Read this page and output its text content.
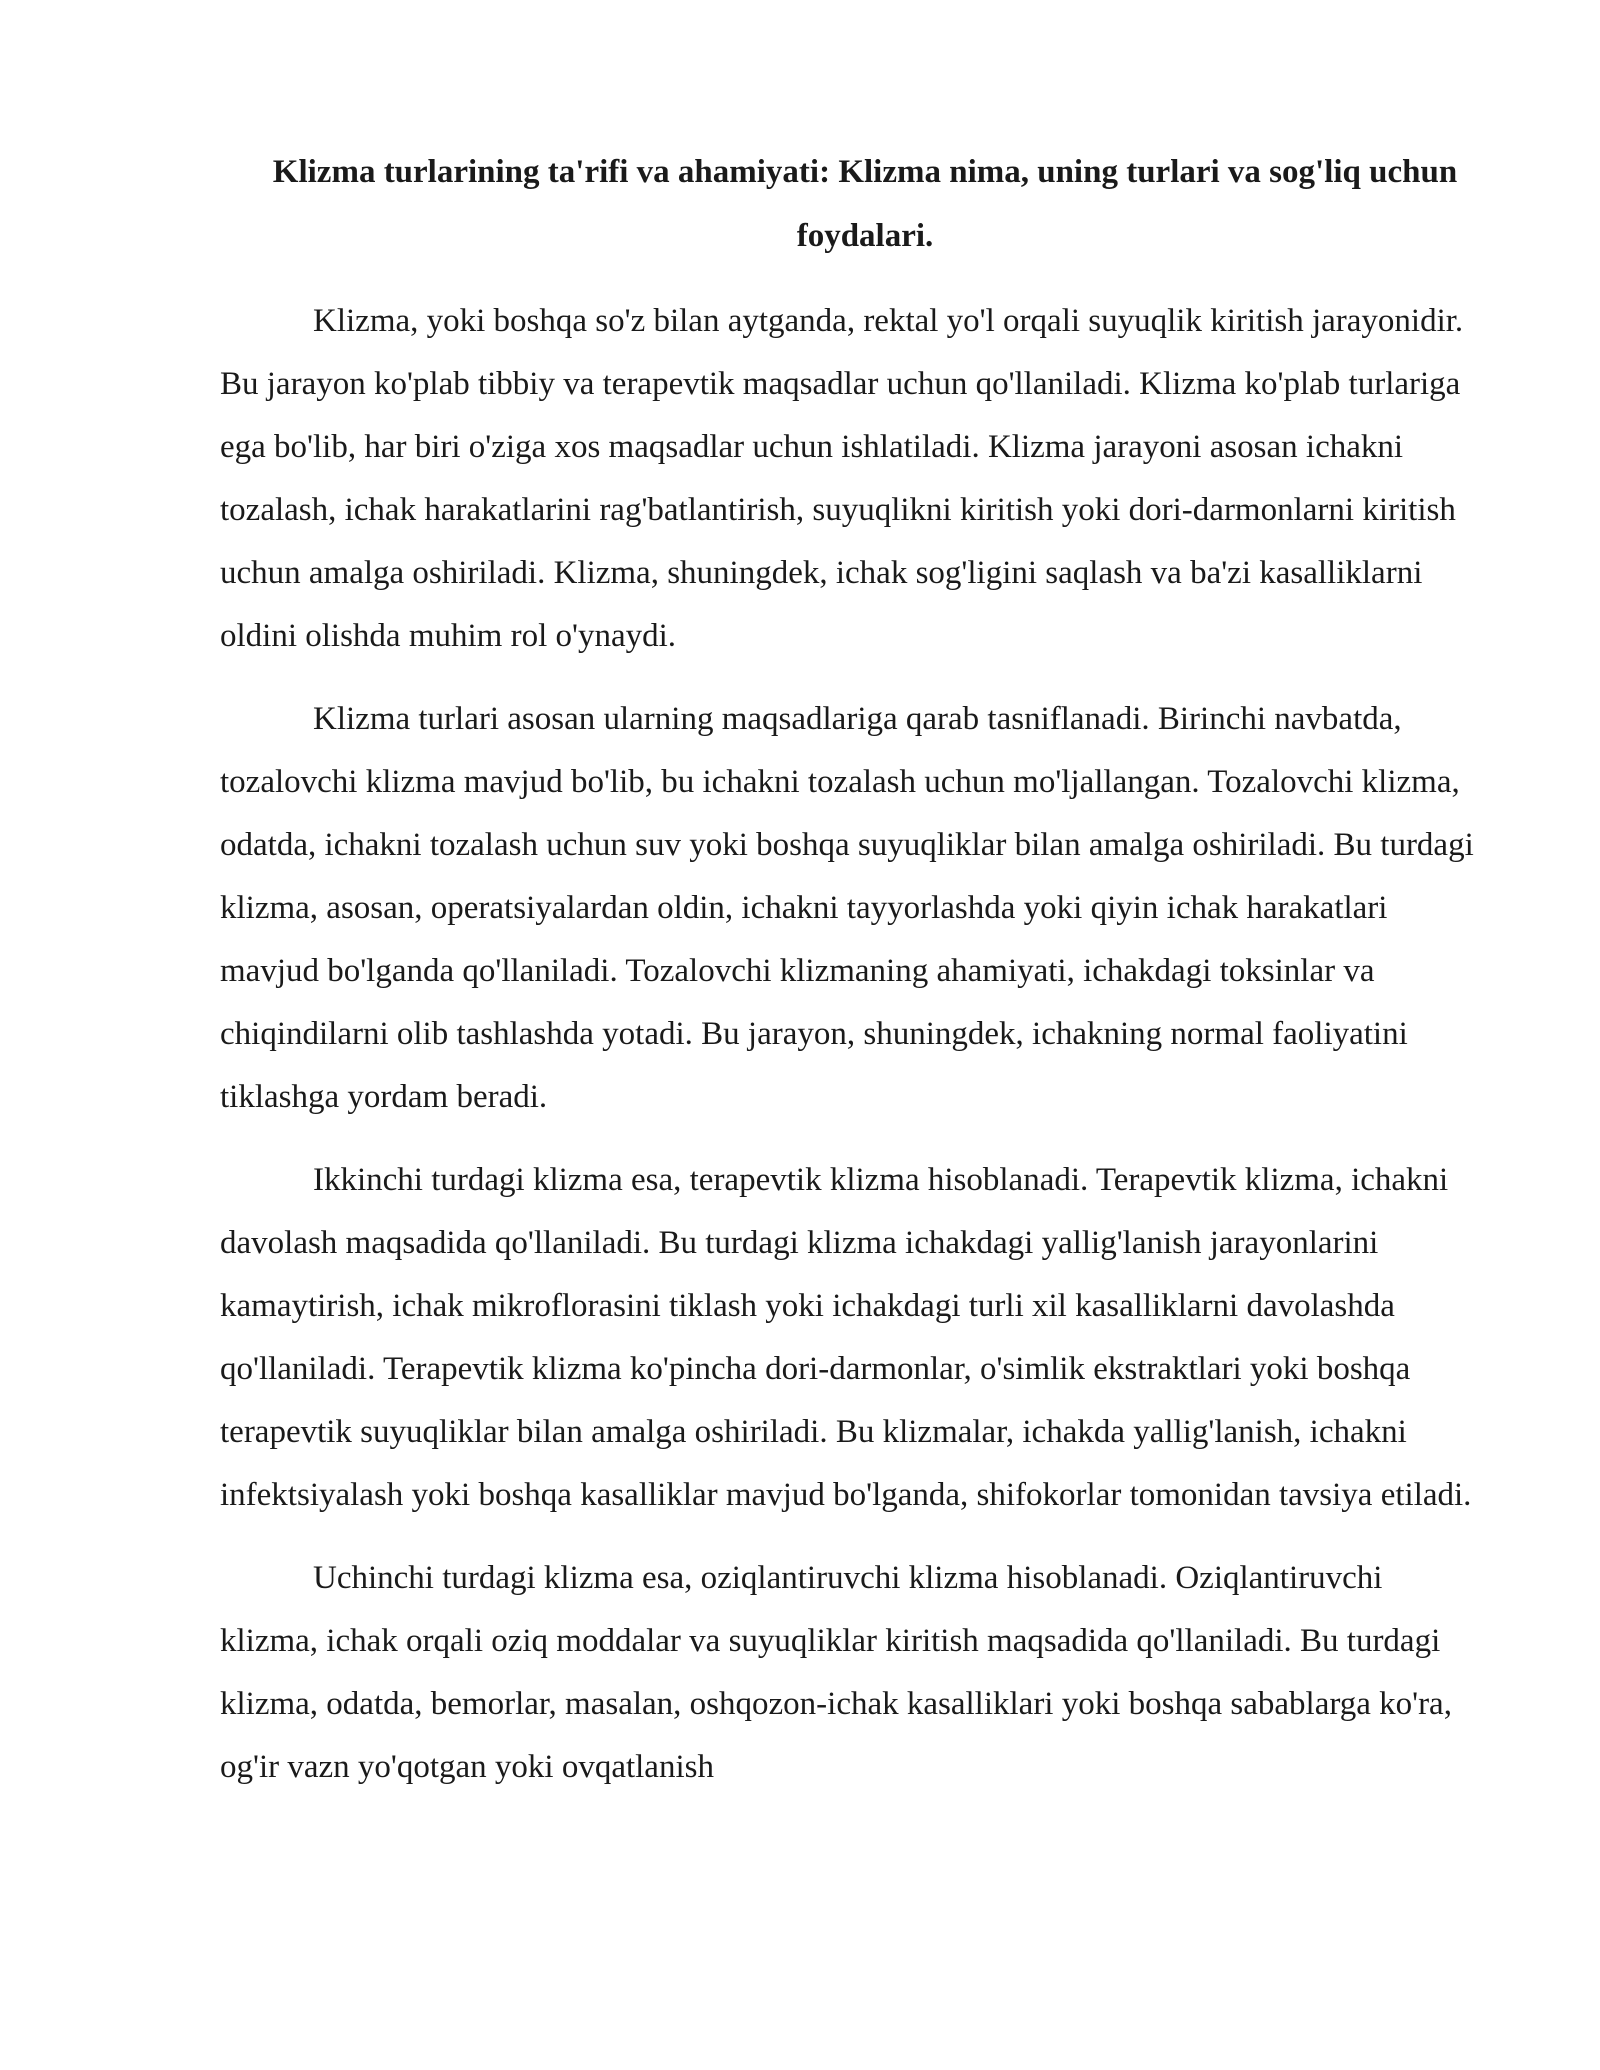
Klizma turlarining ta'rifi va ahamiyati: Klizma nima, uning turlari va sog'liq uchun foydalari.

Klizma, yoki boshqa so'z bilan aytganda, rektal yo'l orqali suyuqlik kiritish jarayonidir. Bu jarayon ko'plab tibbiy va terapevtik maqsadlar uchun qo'llaniladi. Klizma ko'plab turlariga ega bo'lib, har biri o'ziga xos maqsadlar uchun ishlatiladi. Klizma jarayoni asosan ichakni tozalash, ichak harakatlarini rag'batlantirish, suyuqlikni kiritish yoki dori-darmonlarni kiritish uchun amalga oshiriladi. Klizma, shuningdek, ichak sog'ligini saqlash va ba'zi kasalliklarni oldini olishda muhim rol o'ynaydi.

Klizma turlari asosan ularning maqsadlariga qarab tasniflanadi. Birinchi navbatda, tozalovchi klizma mavjud bo'lib, bu ichakni tozalash uchun mo'ljallangan. Tozalovchi klizma, odatda, ichakni tozalash uchun suv yoki boshqa suyuqliklar bilan amalga oshiriladi. Bu turdagi klizma, asosan, operatsiyalardan oldin, ichakni tayyorlashda yoki qiyin ichak harakatlari mavjud bo'lganda qo'llaniladi. Tozalovchi klizmaning ahamiyati, ichakdagi toksinlar va chiqindilarni olib tashlashda yotadi. Bu jarayon, shuningdek, ichakning normal faoliyatini tiklashga yordam beradi.

Ikkinchi turdagi klizma esa, terapevtik klizma hisoblanadi. Terapevtik klizma, ichakni davolash maqsadida qo'llaniladi. Bu turdagi klizma ichakdagi yallig'lanish jarayonlarini kamaytirish, ichak mikroflorasini tiklash yoki ichakdagi turli xil kasalliklarni davolashda qo'llaniladi. Terapevtik klizma ko'pincha dori-darmonlar, o'simlik ekstraktlari yoki boshqa terapevtik suyuqliklar bilan amalga oshiriladi. Bu klizmalar, ichakda yallig'lanish, ichakni infektsiyalash yoki boshqa kasalliklar mavjud bo'lganda, shifokorlar tomonidan tavsiya etiladi.

Uchinchi turdagi klizma esa, oziqlantiruvchi klizma hisoblanadi. Oziqlantiruvchi klizma, ichak orqali oziq moddalar va suyuqliklar kiritish maqsadida qo'llaniladi. Bu turdagi klizma, odatda, bemorlar, masalan, oshqozon-ichak kasalliklari yoki boshqa sabablarga ko'ra, og'ir vazn yo'qotgan yoki ovqatlanish
